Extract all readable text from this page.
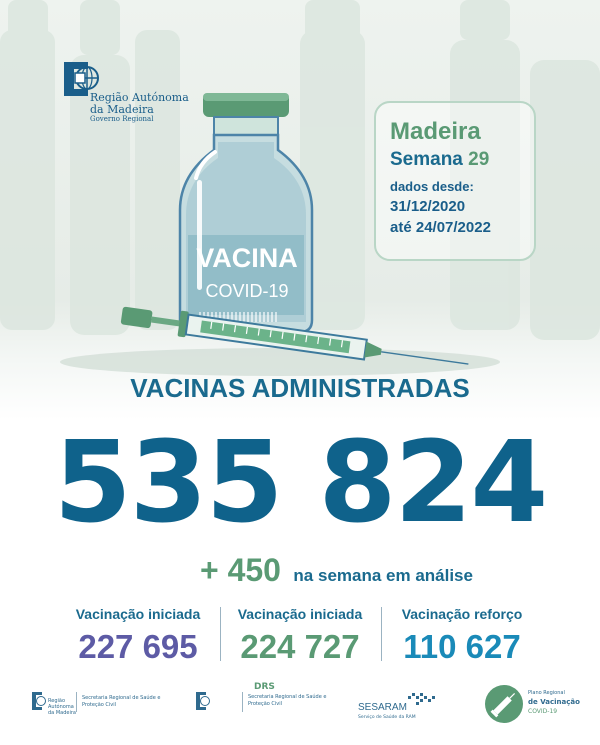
Região Autónoma
da Madeira
Governo Regional	Madeira
Semana 29
dados desde:
31/12/2020
até 24/07/2022
VACINA
COVID-19
VACINAS ADMINISTRADAS
535 824
+ 450 na semana em análise
Vacinação iniciada
227 695
Vacinação iniciada
224 727
Vacinação reforço
110 627
Região Autónoma da Madeira
Secretaria Regional de Saúde e Proteção Civil
DRS
Secretaria Regional de Saúde e Proteção Civil	SESARAM
Serviço de Saúde da RAM
Plano Regional
de Vacinação
COVID-19
